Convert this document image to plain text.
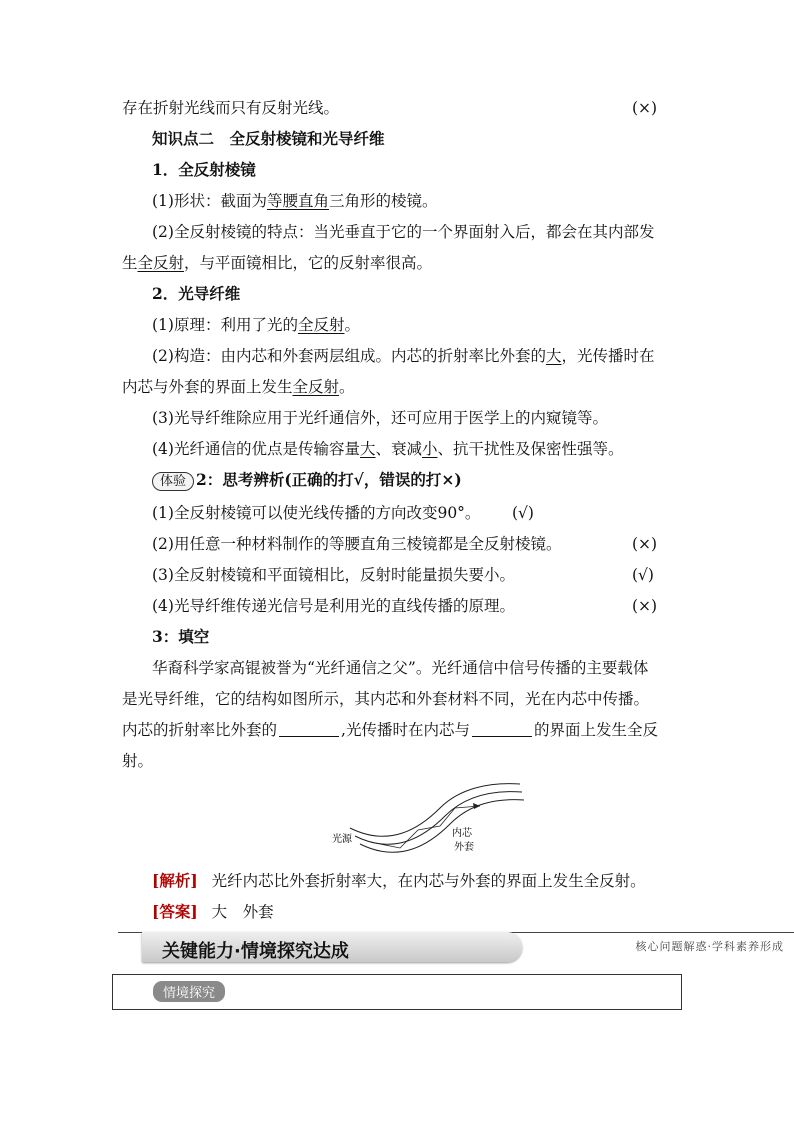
存在折射光线而只有反射光线。	(×)
知识点二　全反射棱镜和光导纤维
1．全反射棱镜
(1)形状：截面为等腰直角三角形的棱镜。
(2)全反射棱镜的特点：当光垂直于它的一个界面射入后，都会在其内部发
生全反射，与平面镜相比，它的反射率很高。
2．光导纤维
(1)原理：利用了光的全反射。
(2)构造：由内芯和外套两层组成。内芯的折射率比外套的大，光传播时在
内芯与外套的界面上发生全反射。
(3)光导纤维除应用于光纤通信外，还可应用于医学上的内窥镜等。
(4)光纤通信的优点是传输容量大、衰减小、抗干扰性及保密性强等。
体验 2：思考辨析(正确的打√，错误的打×)
(1)全反射棱镜可以使光线传播的方向改变90°。 (√)
(2)用任意一种材料制作的等腰直角三棱镜都是全反射棱镜。	(×)
(3)全反射棱镜和平面镜相比，反射时能量损失要小。	(√)
(4)光导纤维传递光信号是利用光的直线传播的原理。	(×)
3：填空
华裔科学家高锟被誉为“光纤通信之父”。光纤通信中信号传播的主要载体
是光导纤维，它的结构如图所示，其内芯和外套材料不同，光在内芯中传播。
内芯的折射率比外套的	,光传播时在内芯与	的界面上发生全反
射。
光源
内芯
外套
[解析] 光纤内芯比外套折射率大，在内芯与外套的界面上发生全反射。
[答案] 大　外套
关键能力·情境探究达成	核心问题解惑·学科素养形成
情境探究
